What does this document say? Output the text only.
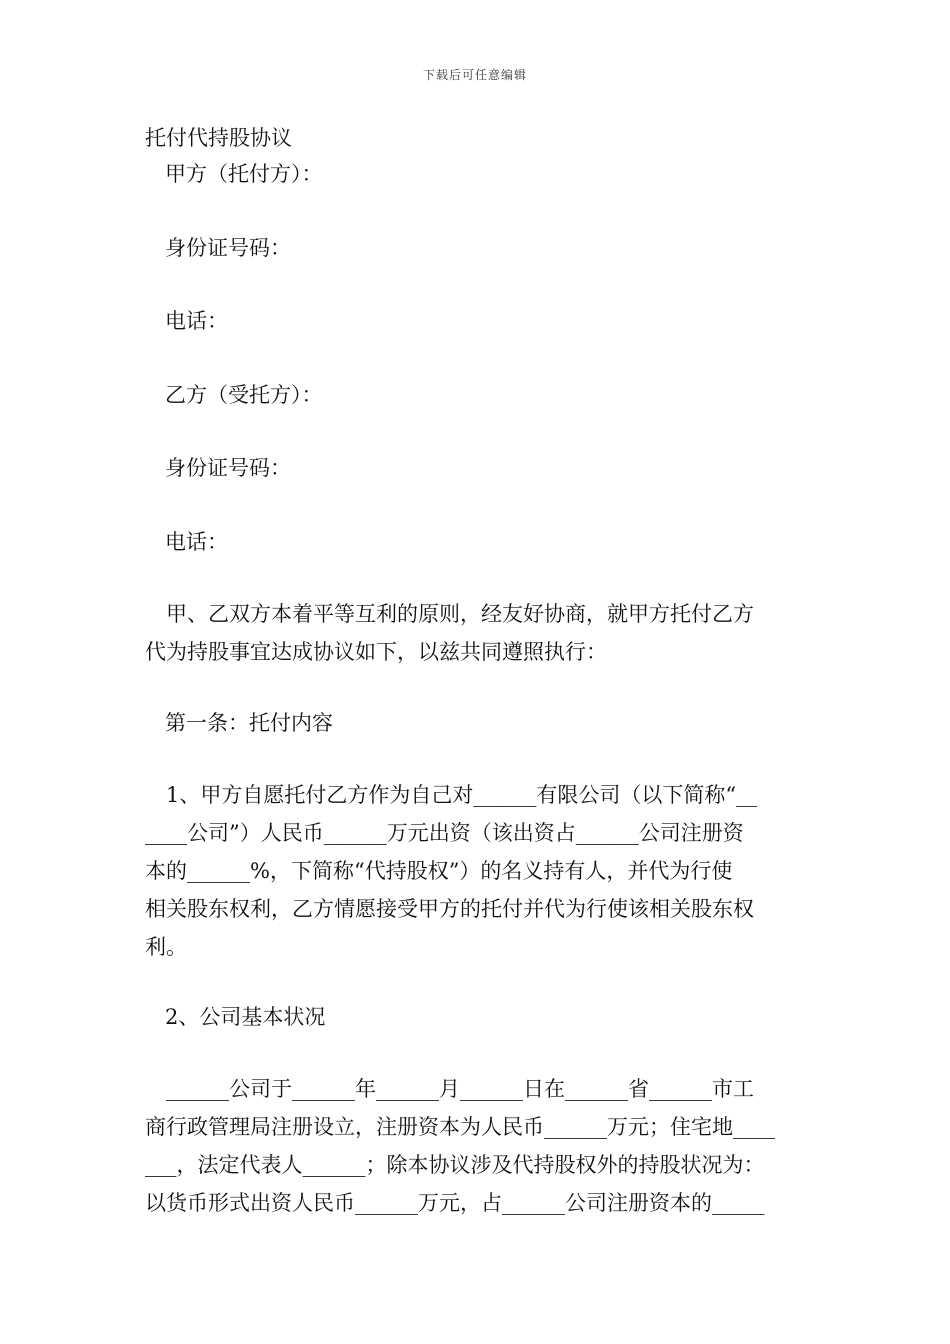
下载后可任意编辑
托付代持股协议
甲方（托付方）：
身份证号码：
电话：
乙方（受托方）：
身份证号码：
电话：
　甲、乙双方本着平等互利的原则，经友好协商，就甲方托付乙方
代为持股事宜达成协议如下，以兹共同遵照执行：
第一条：托付内容
　1、甲方自愿托付乙方作为自己对______有限公司（以下简称“__
____公司”）人民币______万元出资（该出资占______公司注册资
本的______%，下简称“代持股权”）的名义持有人，并代为行使
相关股东权利，乙方情愿接受甲方的托付并代为行使该相关股东权
利。
2、公司基本状况
　______公司于______年______月______日在______省______市工
商行政管理局注册设立，注册资本为人民币______万元；住宅地____
___，法定代表人______；除本协议涉及代持股权外的持股状况为：
以货币形式出资人民币______万元，占______公司注册资本的_____
